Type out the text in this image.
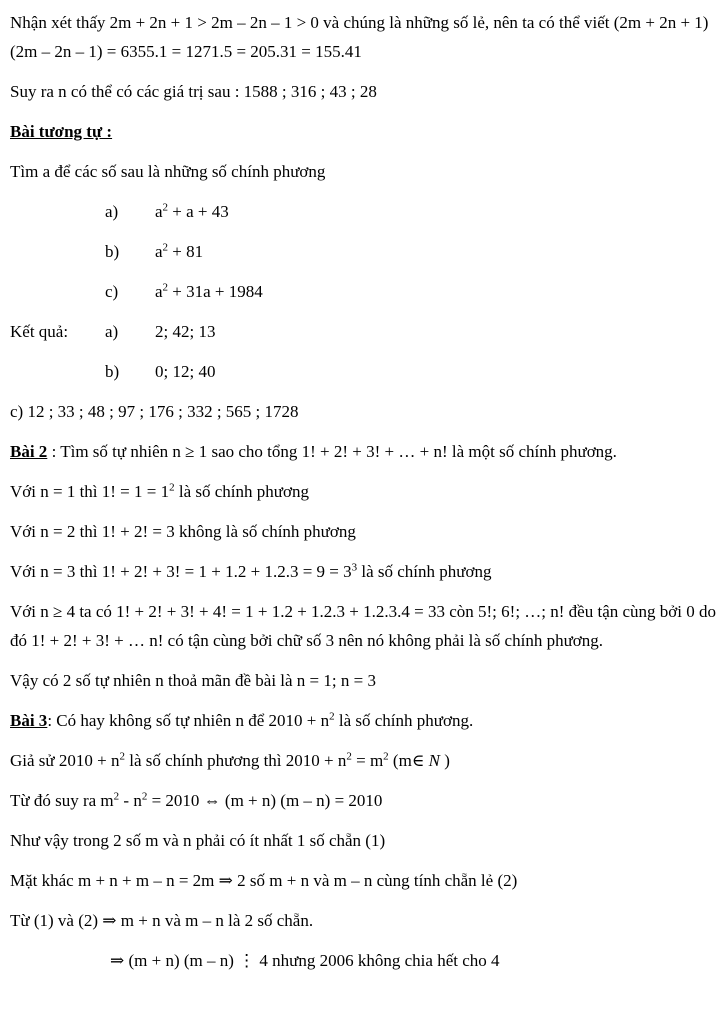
Nhận xét thấy 2m + 2n + 1 > 2m – 2n – 1 > 0 và chúng là những số lẻ, nên ta có thể viết (2m + 2n + 1) (2m – 2n – 1) = 6355.1 = 1271.5 = 205.31 = 155.41

Suy ra n có thể có các giá trị sau : 1588 ; 316 ; 43 ; 28

Bài tương tự :

Tìm a để các số sau là những số chính phương

a)	$a^2 + a + 43$
b)	$a^2 + 81$
c)	$a^2 + 31a + 1984$
Kết quả:	a)	2; 42; 13
b)	0; 12; 40

c) 12 ; 33 ; 48 ; 97 ; 176 ; 332 ; 565 ; 1728

Bài 2 : Tìm số tự nhiên n ≥ 1 sao cho tổng 1! + 2! + 3! + … + n! là một số chính phương.

Với n = 1 thì 1! = $1 = 1^2$ là số chính phương

Với n = 2 thì 1! + 2! = 3 không là số chính phương

Với n = 3 thì 1! + 2! + 3! = $1 + 1.2 + 1.2.3 = 9 = 3^3$ là số chính phương

Với n ≥ 4 ta có 1! + 2! + 3! + 4! = 1 + 1.2 + 1.2.3 + 1.2.3.4 = 33 còn 5!; 6!; …; n! đều tận cùng bởi 0 do đó 1! + 2! + 3! + … n! có tận cùng bởi chữ số 3 nên nó không phải là số chính phương.

Vậy có 2 số tự nhiên n thoả mãn đề bài là n = 1; n = 3

Bài 3: Có hay không số tự nhiên n để $2010 + n^2$ là số chính phương.

Giả sử $2010 + n^2$ là số chính phương thì $2010 + n^2 = m^2$ (m∈ N )

Từ đó suy ra $m^2 - n^2 = 2010$ ⇔ (m + n) (m – n) = 2010

Như vậy trong 2 số m và n phải có ít nhất 1 số chẵn (1)

Mặt khác m + n + m – n = 2m ⇒ 2 số m + n và m – n cùng tính chẵn lẻ (2)

Từ (1) và (2) ⇒ m + n và m – n là 2 số chẵn.

⇒ (m + n) (m – n) ⋮ 4 nhưng 2006 không chia hết cho 4
